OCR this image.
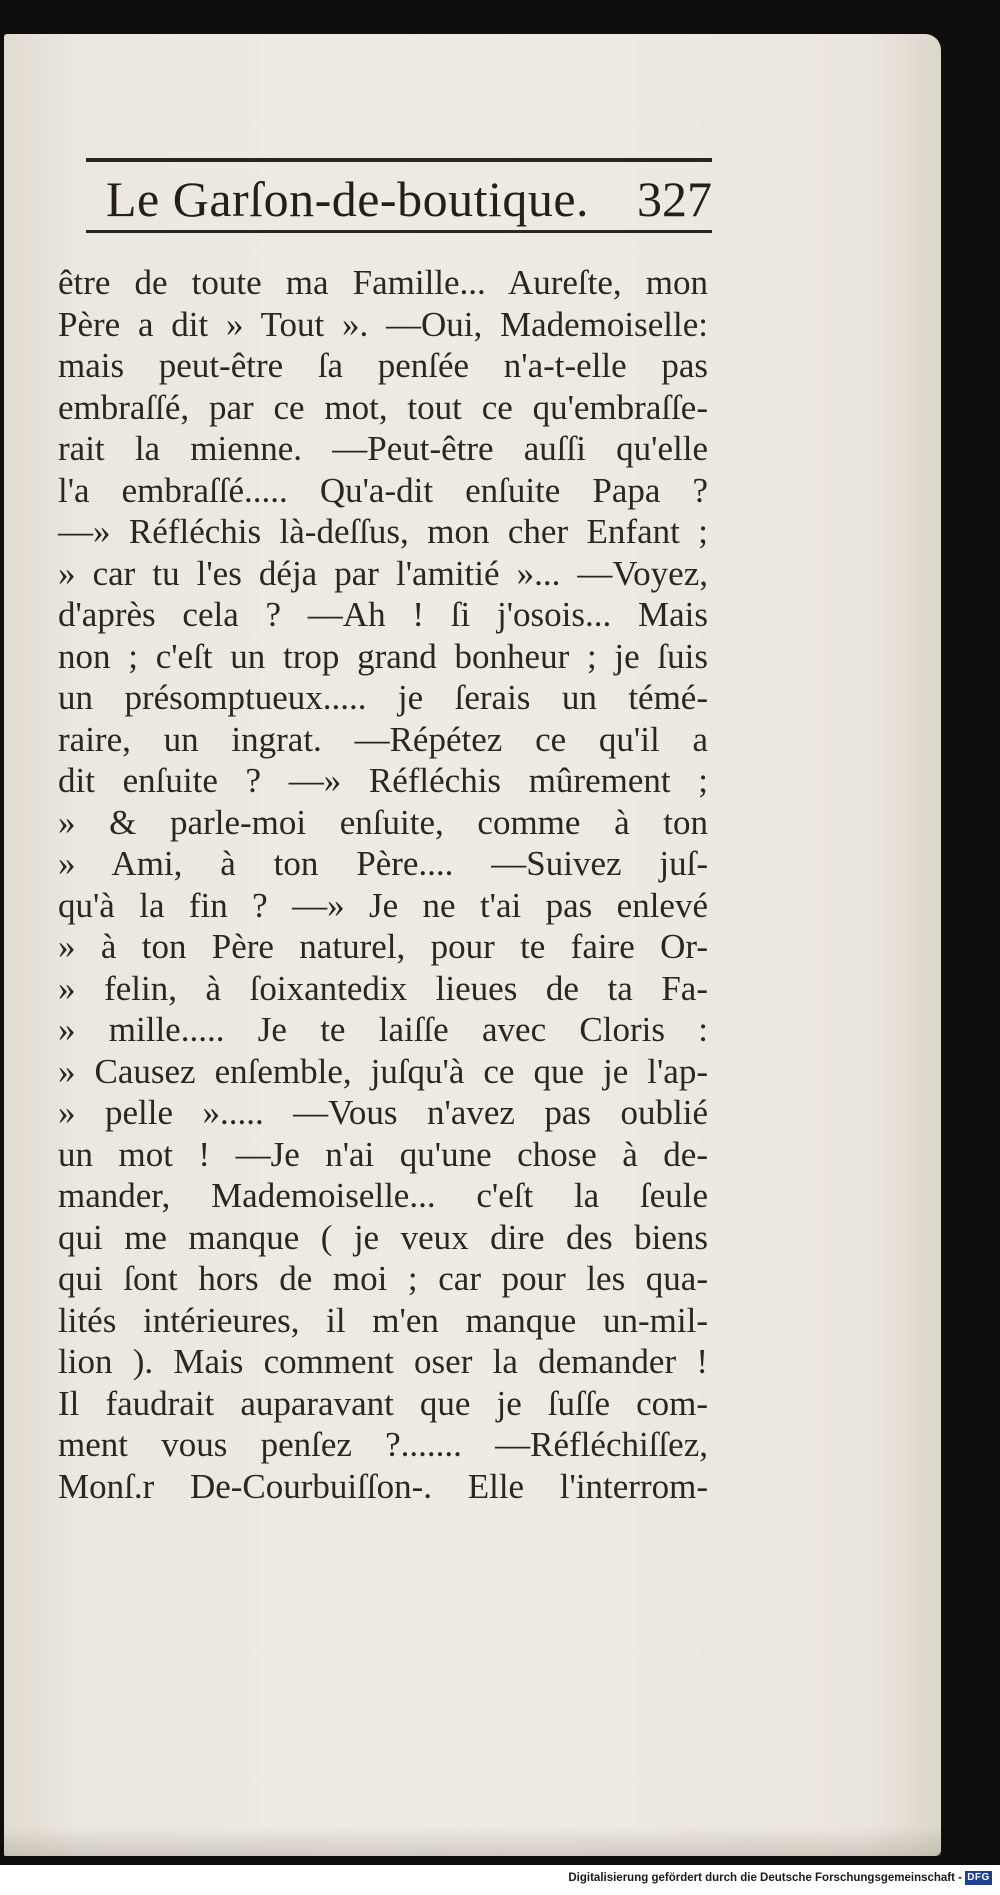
Le Garſon-de-boutique. 327
être de toute ma Famille... Aureſte, mon
Père a dit » Tout ». —Oui, Mademoiselle:
mais peut-être ſa penſée n'a-t-elle pas
embraſſé, par ce mot, tout ce qu'embraſſe-
rait la mienne. —Peut-être auſſi qu'elle
l'a embraſſé..... Qu'a-dit enſuite Papa ?
—» Réfléchis là-deſſus, mon cher Enfant ;
» car tu l'es déja par l'amitié »... —Voyez,
d'après cela ? —Ah ! ſi j'osois... Mais
non ; c'eſt un trop grand bonheur ; je ſuis
un présomptueux..... je ſerais un témé-
raire, un ingrat. —Répétez ce qu'il a
dit enſuite ? —» Réfléchis mûrement ;
» & parle-moi enſuite, comme à ton
» Ami, à ton Père.... —Suivez juſ-
qu'à la fin ? —» Je ne t'ai pas enlevé
» à ton Père naturel, pour te faire Or-
» felin, à ſoixantedix lieues de ta Fa-
» mille..... Je te laiſſe avec Cloris :
» Causez enſemble, juſqu'à ce que je l'ap-
» pelle »..... —Vous n'avez pas oublié
un mot ! —Je n'ai qu'une chose à de-
mander, Mademoiselle... c'eſt la ſeule
qui me manque ( je veux dire des biens
qui ſont hors de moi ; car pour les qua-
lités intérieures, il m'en manque un-mil-
lion ). Mais comment oser la demander !
Il faudrait auparavant que je ſuſſe com-
ment vous penſez ?....... —Réfléchiſſez,
Monſ.r De-Courbuiſſon-. Elle l'interrom-
Digitalisierung gefördert durch die Deutsche Forschungsgemeinschaft - DFG
